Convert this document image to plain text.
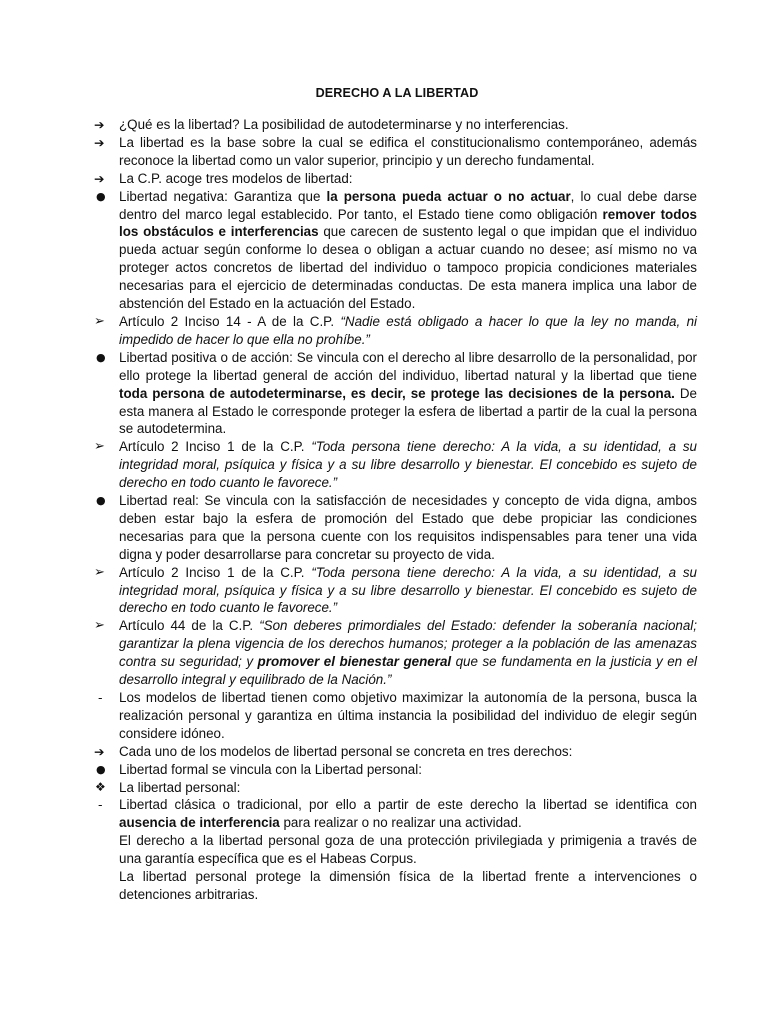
DERECHO A LA LIBERTAD
➔	¿Qué es la libertad? La posibilidad de autodeterminarse y no interferencias.
➔	La libertad es la base sobre la cual se edifica el constitucionalismo contemporáneo, además reconoce la libertad como un valor superior, principio y un derecho fundamental.
➔	La C.P. acoge tres modelos de libertad:
● Libertad negativa: Garantiza que la persona pueda actuar o no actuar, lo cual debe darse dentro del marco legal establecido. Por tanto, el Estado tiene como obligación remover todos los obstáculos e interferencias que carecen de sustento legal o que impidan que el individuo pueda actuar según conforme lo desea o obligan a actuar cuando no desee; así mismo no va proteger actos concretos de libertad del individuo o tampoco propicia condiciones materiales necesarias para el ejercicio de determinadas conductas. De esta manera implica una labor de abstención del Estado en la actuación del Estado.
➢	Artículo 2 Inciso 14 - A de la C.P. “Nadie está obligado a hacer lo que la ley no manda, ni impedido de hacer lo que ella no prohíbe.”
● Libertad positiva o de acción: Se vincula con el derecho al libre desarrollo de la personalidad, por ello protege la libertad general de acción del individuo, libertad natural y la libertad que tiene toda persona de autodeterminarse, es decir, se protege las decisiones de la persona. De esta manera al Estado le corresponde proteger la esfera de libertad a partir de la cual la persona se autodetermina.
➢	Artículo 2 Inciso 1 de la C.P. “Toda persona tiene derecho: A la vida, a su identidad, a su integridad moral, psíquica y física y a su libre desarrollo y bienestar. El concebido es sujeto de derecho en todo cuanto le favorece.”
● Libertad real: Se vincula con la satisfacción de necesidades y concepto de vida digna, ambos deben estar bajo la esfera de promoción del Estado que debe propiciar las condiciones necesarias para que la persona cuente con los requisitos indispensables para tener una vida digna y poder desarrollarse para concretar su proyecto de vida.
➢	Artículo 2 Inciso 1 de la C.P. “Toda persona tiene derecho: A la vida, a su identidad, a su integridad moral, psíquica y física y a su libre desarrollo y bienestar. El concebido es sujeto de derecho en todo cuanto le favorece.”
➢	Artículo 44 de la C.P. “Son deberes primordiales del Estado: defender la soberanía nacional; garantizar la plena vigencia de los derechos humanos; proteger a la población de las amenazas contra su seguridad; y promover el bienestar general que se fundamenta en la justicia y en el desarrollo integral y equilibrado de la Nación.”
-	Los modelos de libertad tienen como objetivo maximizar la autonomía de la persona, busca la realización personal y garantiza en última instancia la posibilidad del individuo de elegir según considere idóneo.
➔	Cada uno de los modelos de libertad personal se concreta en tres derechos:
● Libertad formal se vincula con la Libertad personal:
❖ La libertad personal:
-	Libertad clásica o tradicional, por ello a partir de este derecho la libertad se identifica con ausencia de interferencia para realizar o no realizar una actividad.

El derecho a la libertad personal goza de una protección privilegiada y primigenia a través de una garantía específica que es el Habeas Corpus.

La libertad personal protege la dimensión física de la libertad frente a intervenciones o detenciones arbitrarias.
